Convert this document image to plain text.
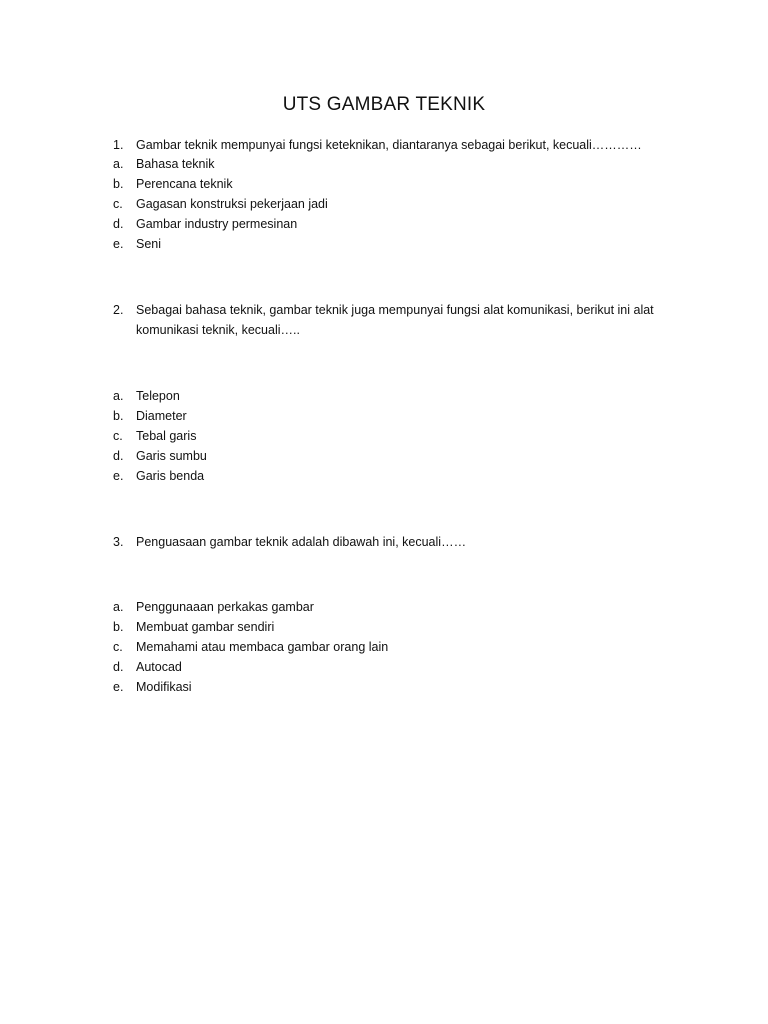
UTS GAMBAR TEKNIK
1. Gambar teknik mempunyai fungsi keteknikan, diantaranya sebagai berikut, kecuali…………
a. Bahasa teknik
b. Perencana teknik
c. Gagasan konstruksi pekerjaan jadi
d. Gambar industry permesinan
e. Seni
2. Sebagai bahasa teknik, gambar teknik juga mempunyai fungsi alat komunikasi, berikut ini alat
komunikasi teknik, kecuali…..
a. Telepon
b. Diameter
c. Tebal garis
d. Garis sumbu
e. Garis benda
3. Penguasaan gambar teknik adalah dibawah ini, kecuali……
a. Penggunaaan perkakas gambar
b. Membuat gambar sendiri
c. Memahami atau membaca gambar orang lain
d. Autocad
e. Modifikasi
